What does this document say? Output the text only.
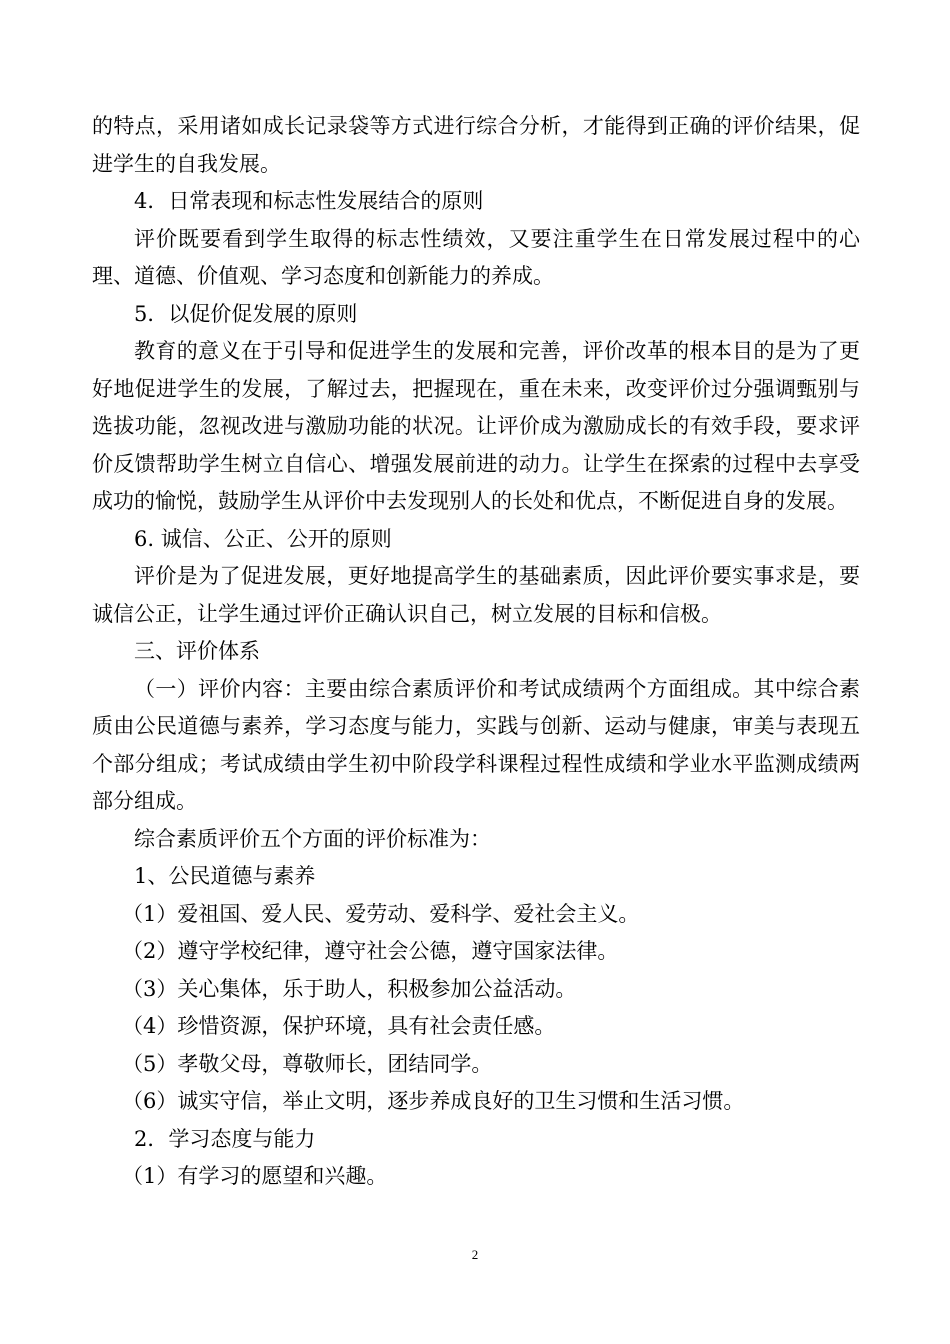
的特点，采用诸如成长记录袋等方式进行综合分析，才能得到正确的评价结果，促进学生的自我发展。

4．日常表现和标志性发展结合的原则

评价既要看到学生取得的标志性绩效，又要注重学生在日常发展过程中的心理、道德、价值观、学习态度和创新能力的养成。

5．以促价促发展的原则

教育的意义在于引导和促进学生的发展和完善，评价改革的根本目的是为了更好地促进学生的发展，了解过去，把握现在，重在未来，改变评价过分强调甄别与选拔功能，忽视改进与激励功能的状况。让评价成为激励成长的有效手段，要求评价反馈帮助学生树立自信心、增强发展前进的动力。让学生在探索的过程中去享受成功的愉悦，鼓励学生从评价中去发现别人的长处和优点，不断促进自身的发展。

6. 诚信、公正、公开的原则

评价是为了促进发展，更好地提高学生的基础素质，因此评价要实事求是，要诚信公正，让学生通过评价正确认识自己，树立发展的目标和信极。

三、评价体系

（一）评价内容：主要由综合素质评价和考试成绩两个方面组成。其中综合素质由公民道德与素养，学习态度与能力，实践与创新、运动与健康，审美与表现五个部分组成；考试成绩由学生初中阶段学科课程过程性成绩和学业水平监测成绩两部分组成。

综合素质评价五个方面的评价标准为：

1、公民道德与素养

（1）爱祖国、爱人民、爱劳动、爱科学、爱社会主义。

（2）遵守学校纪律，遵守社会公德，遵守国家法律。

（3）关心集体，乐于助人，积极参加公益活动。

（4）珍惜资源，保护环境，具有社会责任感。

（5）孝敬父母，尊敬师长，团结同学。

（6）诚实守信，举止文明，逐步养成良好的卫生习惯和生活习惯。

2．学习态度与能力

（1）有学习的愿望和兴趣。

2
